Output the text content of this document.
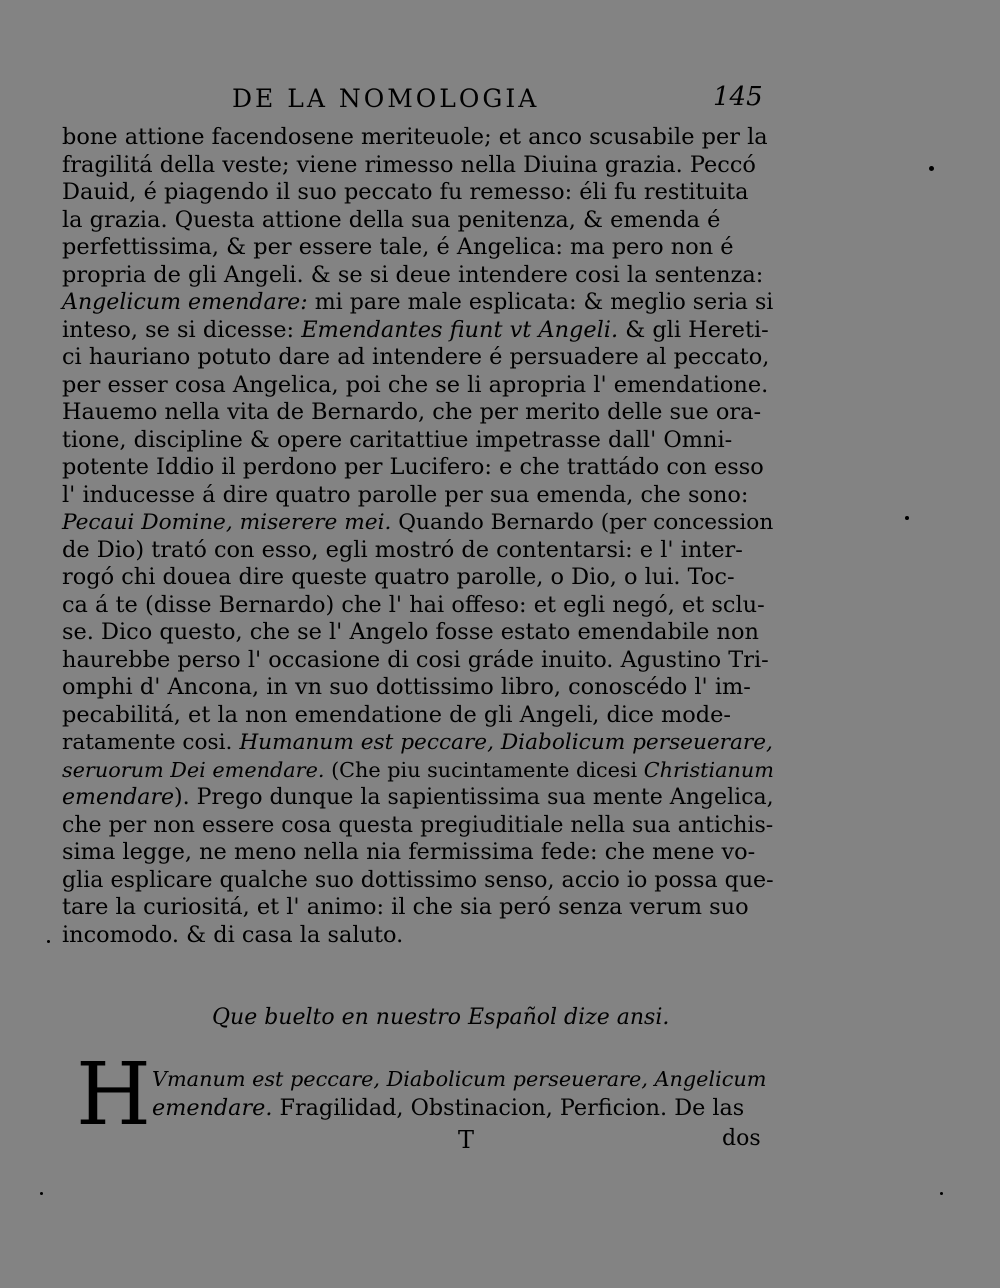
DE LA NOMOLOGIA	145
bone attione facendosene meriteuole; et anco scusabile per la
fragilitá della veste; viene rimesso nella Diuina grazia. Peccó
Dauid, é piagendo il suo peccato fu remesso: éli fu restituita
la grazia. Questa attione della sua penitenza, & emenda é
perfettissima, & per essere tale, é Angelica: ma pero non é
propria de gli Angeli. & se si deue intendere cosi la sentenza:
Angelicum emendare: mi pare male esplicata: & meglio seria si
inteso, se si dicesse: Emendantes fiunt vt Angeli. & gli Hereti-
ci hauriano potuto dare ad intendere é persuadere al peccato,
per esser cosa Angelica, poi che se li apropria l' emendatione.
Hauemo nella vita de Bernardo, che per merito delle sue ora-
tione, discipline & opere caritattiue impetrasse dall' Omni-
potente Iddio il perdono per Lucifero: e che trattádo con esso
l' inducesse á dire quatro parolle per sua emenda, che sono:
Pecaui Domine, miserere mei. Quando Bernardo (per concession
de Dio) trató con esso, egli mostró de contentarsi: e l' inter-
rogó chi douea dire queste quatro parolle, o Dio, o lui. Toc-
ca á te (disse Bernardo) che l' hai offeso: et egli negó, et sclu-
se. Dico questo, che se l' Angelo fosse estato emendabile non
haurebbe perso l' occasione di cosi gráde inuito. Agustino Tri-
omphi d' Ancona, in vn suo dottissimo libro, conoscédo l' im-
pecabilitá, et la non emendatione de gli Angeli, dice mode-
ratamente cosi. Humanum est peccare, Diabolicum perseuerare,
seruorum Dei emendare. (Che piu sucintamente dicesi Christianum
emendare). Prego dunque la sapientissima sua mente Angelica,
che per non essere cosa questa pregiuditiale nella sua antichis-
sima legge, ne meno nella nia fermissima fede: che mene vo-
glia esplicare qualche suo dottissimo senso, accio io possa que-
tare la curiositá, et l' animo: il che sia peró senza verum suo
incomodo. & di casa la saluto.
Que buelto en nuestro Español dize ansi.
H Vmanum est peccare, Diabolicum perseuerare, Angelicum
emendare. Fragilidad, Obstinacion, Perficion. De las
T	dos
